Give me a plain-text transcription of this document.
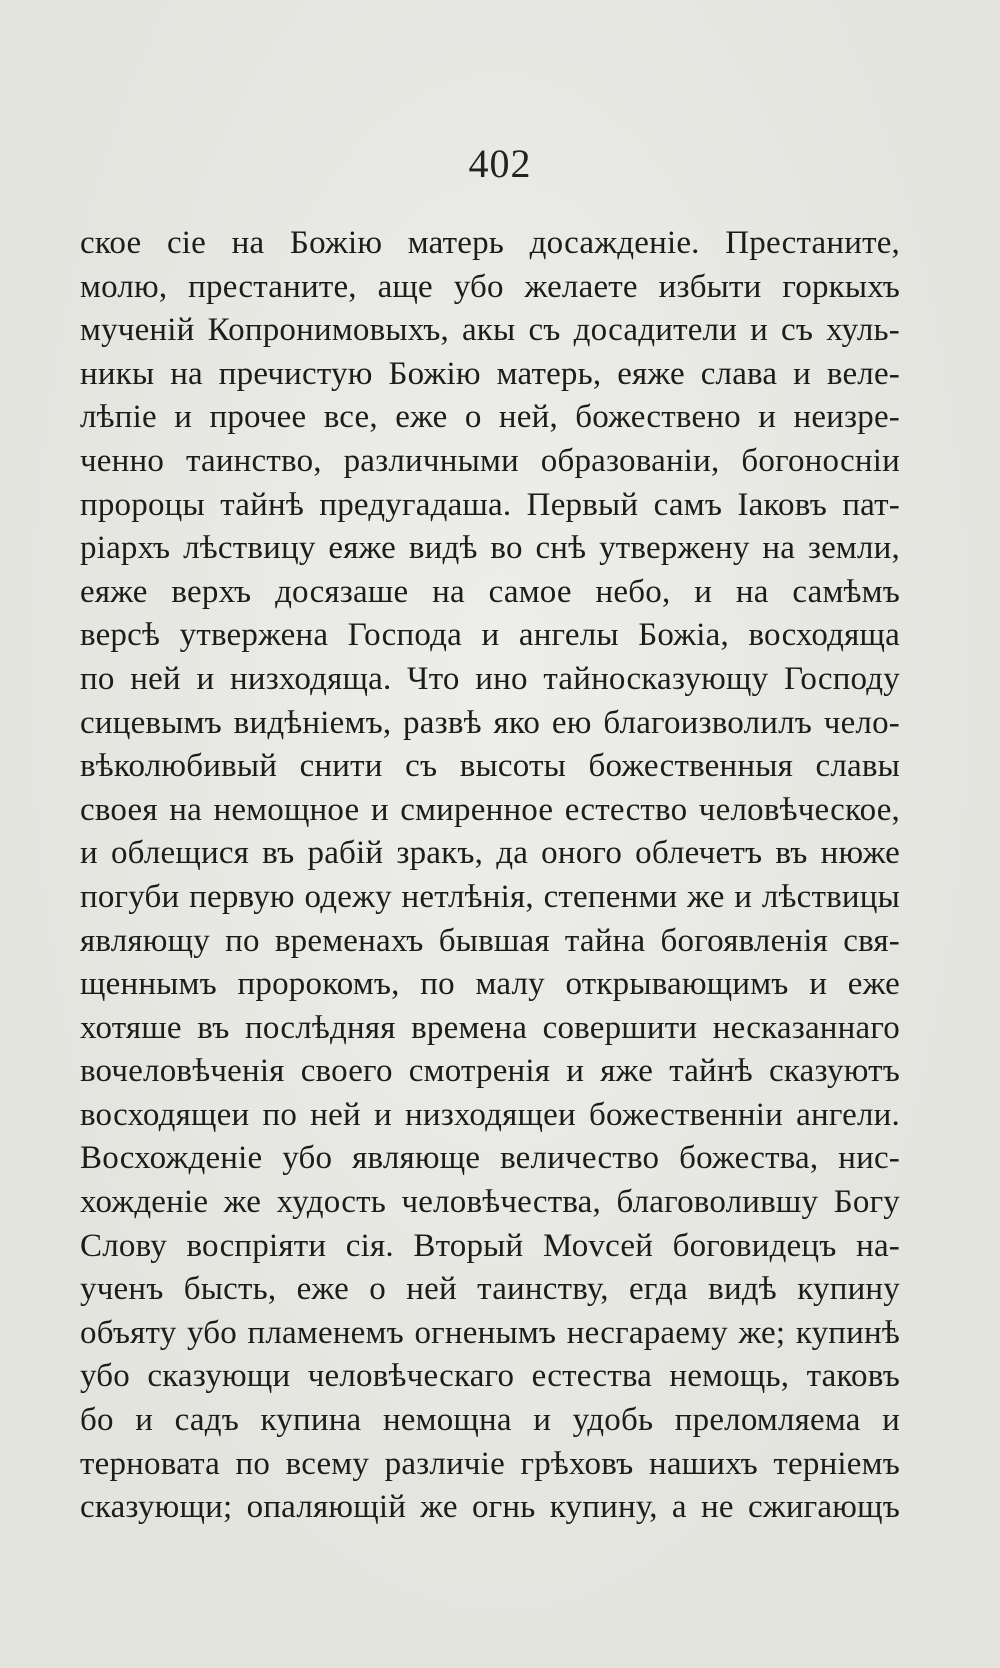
402
ское сіе на Божію матерь досажденіе. Престаните,
молю, престаните, аще убо желаете избыти горкыхъ
мученій Копронимовыхъ, акы съ досадители и съ хуль-
никы на пречистую Божію матерь, еяже слава и веле-
лѣпіе и прочее все, еже о ней, божествено и неизре-
ченно таинство, различными образованіи, богоносніи
пророцы тайнѣ предугадаша. Первый самъ Іаковъ пат-
ріархъ лѣствицу еяже видѣ во снѣ утвержену на земли,
еяже верхъ досязаше на самое небо, и на самѣмъ
версѣ утвержена Господа и ангелы Божіа, восходяща
по ней и низходяща. Что ино тайносказующу Господу
сицевымъ видѣніемъ, развѣ яко ею благоизволилъ чело-
вѣколюбивый снити съ высоты божественныя славы
своея на немощное и смиренное естество человѣческое,
и облещися въ рабій зракъ, да оного облечетъ въ нюже
погуби первую одежу нетлѣнія, степенми же и лѣствицы
являющу по временахъ бывшая тайна богоявленія свя-
щеннымъ пророкомъ, по малу открывающимъ и еже
хотяше въ послѣдняя времена совершити несказаннаго
вочеловѣченія своего смотренія и яже тайнѣ сказуютъ
восходящеи по ней и низходящеи божественніи ангели.
Восхожденіе убо являюще величество божества, нис-
хожденіе же худость человѣчества, благоволившу Богу
Слову воспріяти сія. Вторый Моvсей боговидецъ на-
ученъ бысть, еже о ней таинству, егда видѣ купину
объяту убо пламенемъ огненымъ несгараему же; купинѣ
убо сказующи человѣческаго естества немощь, таковъ
бо и садъ купина немощна и удобь преломляема и
терновата по всему различіе грѣховъ нашихъ терніемъ
сказующи; опаляющій же огнь купину, а не сжигающъ
